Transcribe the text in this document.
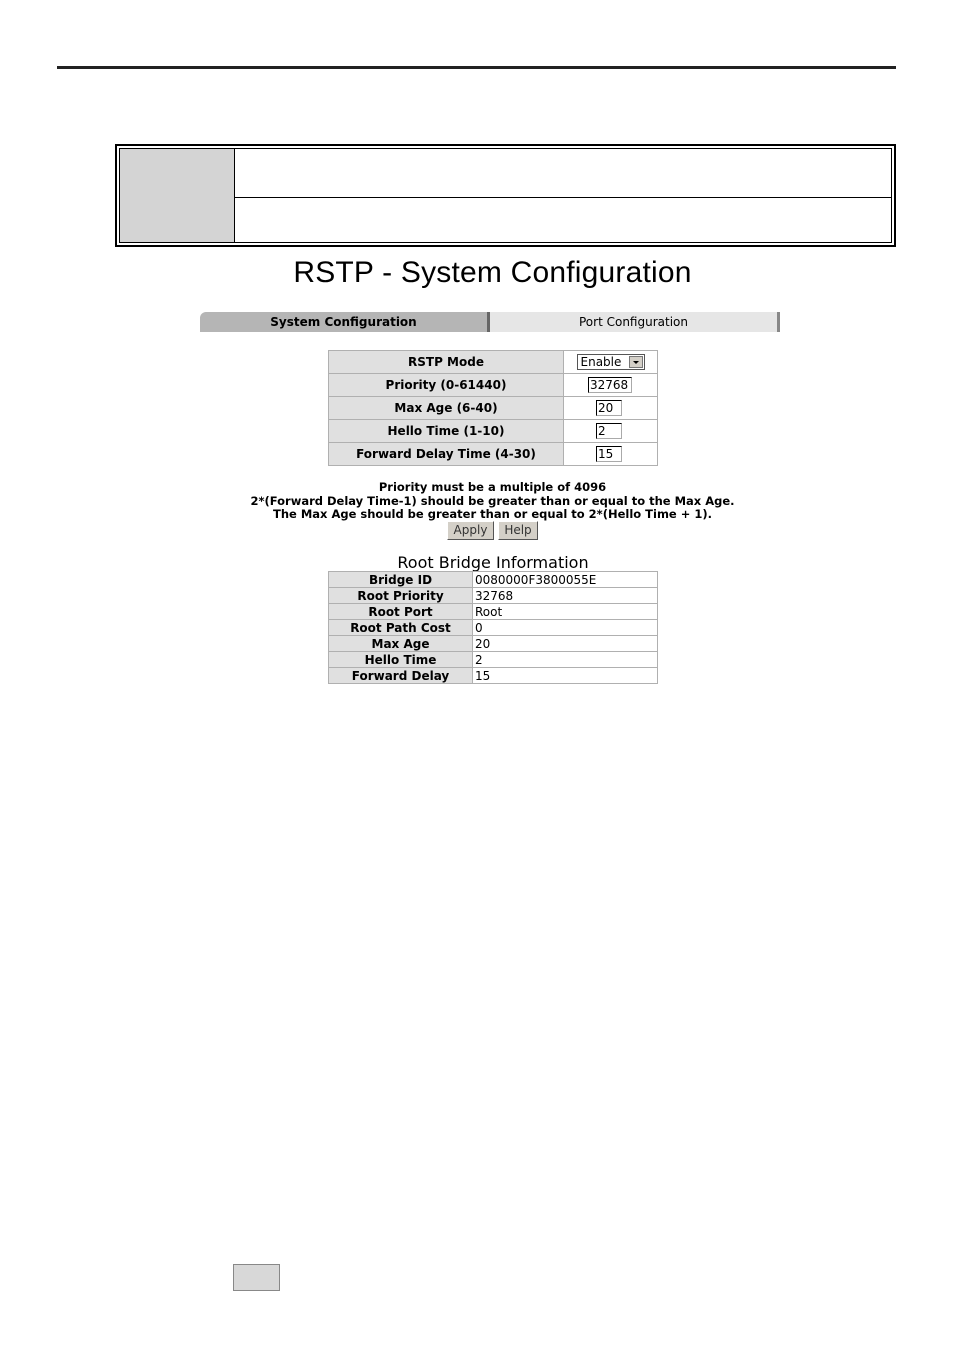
RSTP - System Configuration
System Configuration	Port Configuration
RSTP Mode	Enable

Priority (0-61440)	32768
Max Age (6-40)	20
Hello Time (1-10)	2
Forward Delay Time (4-30)	15
Priority must be a multiple of 4096
2*(Forward Delay Time-1) should be greater than or equal to the Max Age.
The Max Age should be greater than or equal to 2*(Hello Time + 1).
Apply	Help
Root Bridge Information
Bridge ID	0080000F3800055E
Root Priority	32768
Root Port	Root
Root Path Cost	0
Max Age	20
Hello Time	2
Forward Delay	15
